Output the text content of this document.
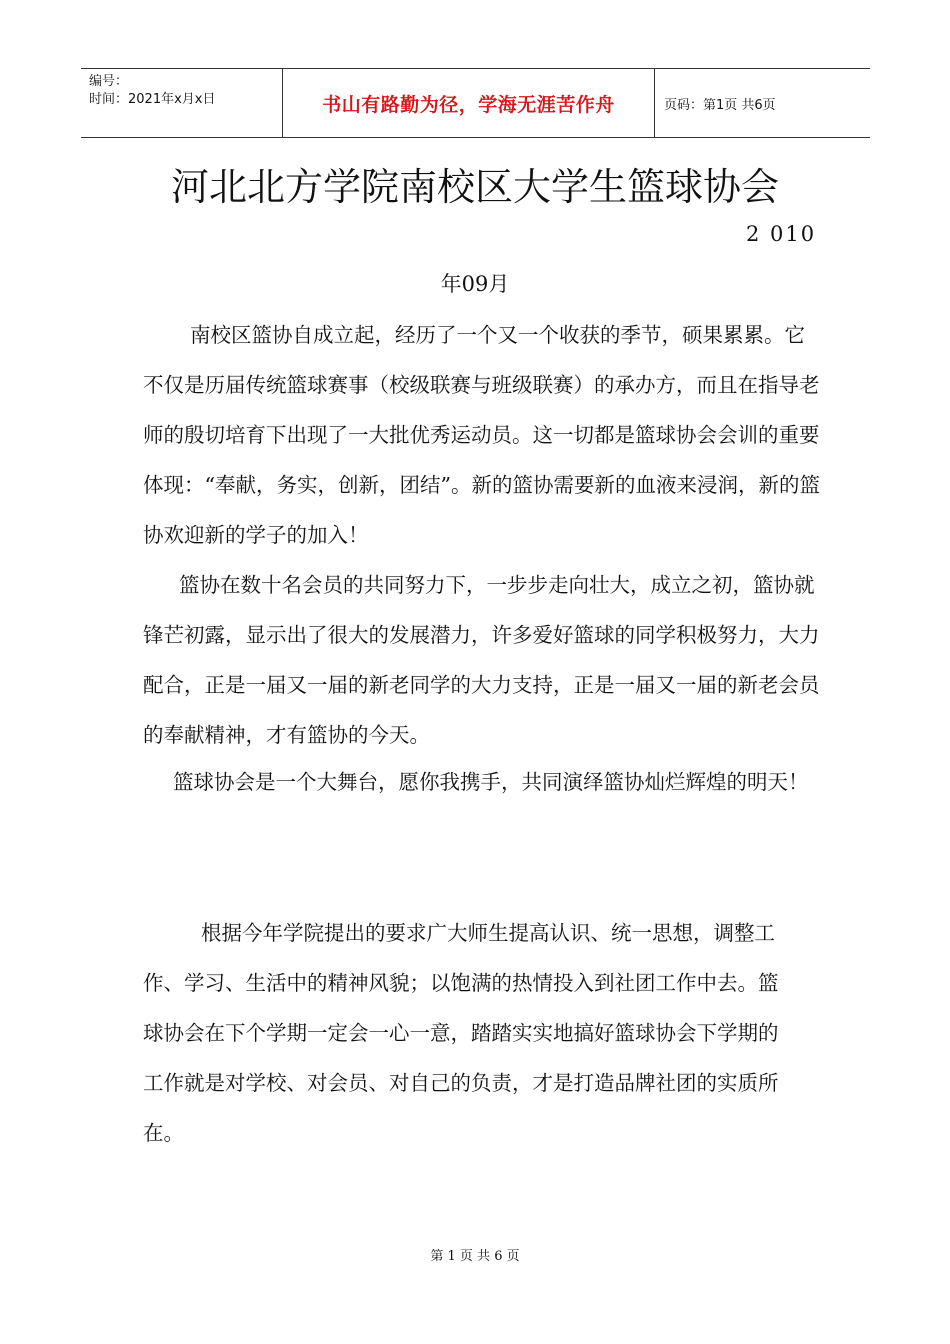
编号：
时间：2021年x月x日	书山有路勤为径，学海无涯苦作舟	页码：第1页 共6页
河北北方学院南校区大学生篮球协会
2 010
年09月

南校区篮协自成立起，经历了一个又一个收获的季节，硕果累累。它不仅是历届传统篮球赛事（校级联赛与班级联赛）的承办方，而且在指导老师的殷切培育下出现了一大批优秀运动员。这一切都是篮球协会会训的重要体现：“奉献，务实，创新，团结”。新的篮协需要新的血液来浸润，新的篮协欢迎新的学子的加入！

篮协在数十名会员的共同努力下，一步步走向壮大，成立之初，篮协就锋芒初露，显示出了很大的发展潜力，许多爱好篮球的同学积极努力，大力配合，正是一届又一届的新老同学的大力支持，正是一届又一届的新老会员的奉献精神，才有篮协的今天。

篮球协会是一个大舞台，愿你我携手，共同演绎篮协灿烂辉煌的明天！

根据今年学院提出的要求广大师生提高认识、统一思想，调整工作、学习、生活中的精神风貌；以饱满的热情投入到社团工作中去。篮球协会在下个学期一定会一心一意，踏踏实实地搞好篮球协会下学期的工作就是对学校、对会员、对自己的负责，才是打造品牌社团的实质所在。

第 1 页 共 6 页
